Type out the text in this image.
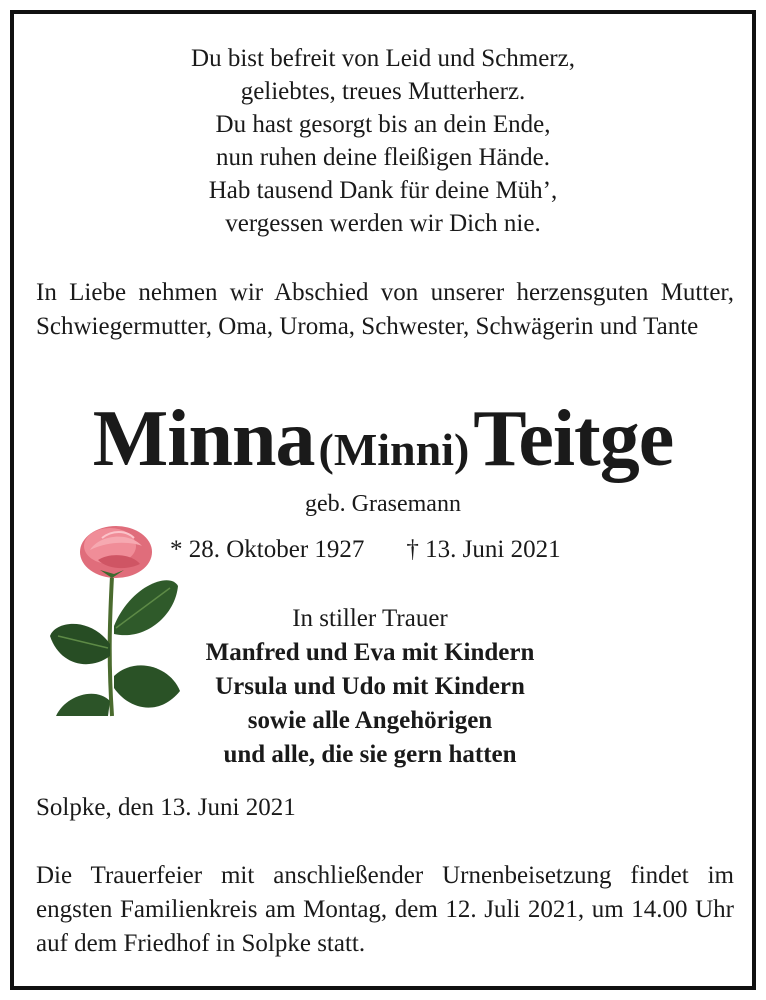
Du bist befreit von Leid und Schmerz,
geliebtes, treues Mutterherz.
Du hast gesorgt bis an dein Ende,
nun ruhen deine fleißigen Hände.
Hab tausend Dank für deine Müh’,
vergessen werden wir Dich nie.
In Liebe nehmen wir Abschied von unserer herzensguten Mutter, Schwiegermutter, Oma, Uroma, Schwester, Schwägerin und Tante
Minna (Minni) Teitge
geb. Grasemann
* 28. Oktober 1927 † 13. Juni 2021
In stiller Trauer
Manfred und Eva mit Kindern
Ursula und Udo mit Kindern
sowie alle Angehörigen
und alle, die sie gern hatten
Solpke, den 13. Juni 2021
Die Trauerfeier mit anschließender Urnenbeisetzung findet im engsten Familienkreis am Montag, dem 12. Juli 2021, um 14.00 Uhr auf dem Friedhof in Solpke statt.
